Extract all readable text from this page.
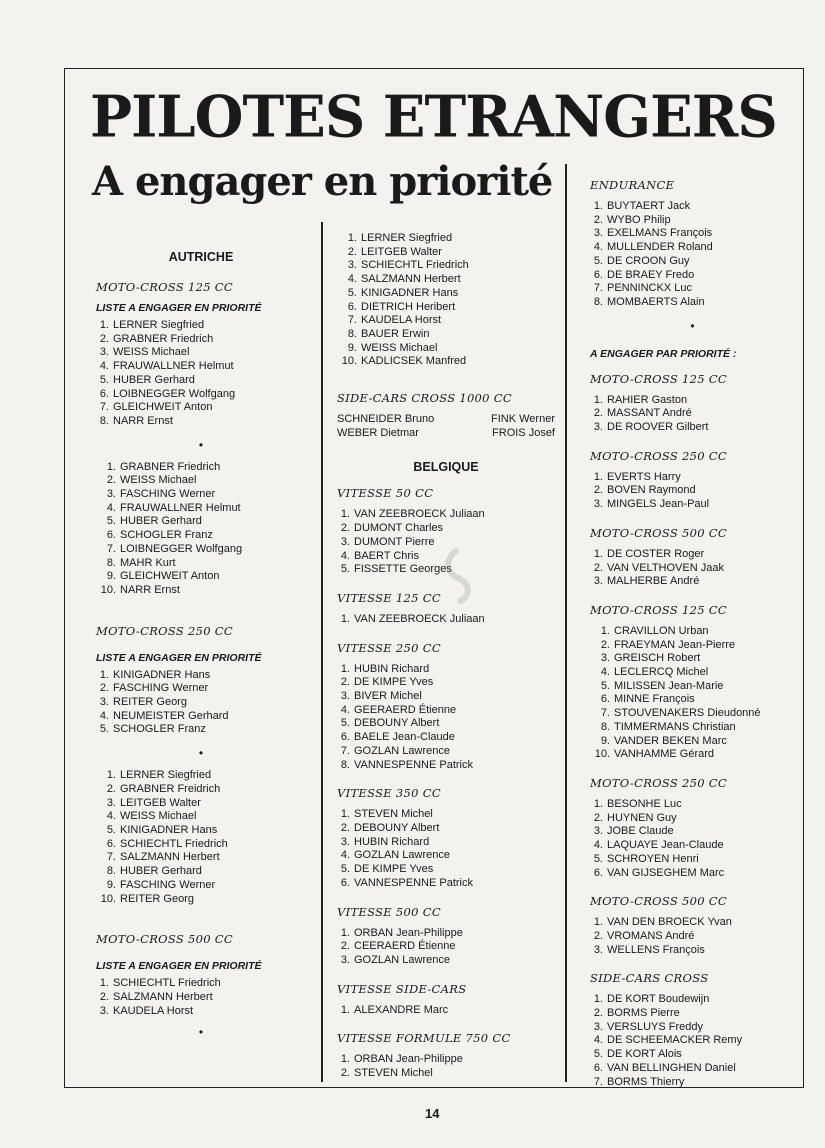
PILOTES ETRANGERS
A engager en priorité
AUTRICHE
MOTO-CROSS 125 CC
LISTE A ENGAGER EN PRIORITÉ
1. LERNER Siegfried
2. GRABNER Friedrich
3. WEISS Michael
4. FRAUWALLNER Helmut
5. HUBER Gerhard
6. LOIBNEGGER Wolfgang
7. GLEICHWEIT Anton
8. NARR Ernst
•
1. GRABNER Friedrich
2. WEISS Michael
3. FASCHING Werner
4. FRAUWALLNER Helmut
5. HUBER Gerhard
6. SCHOGLER Franz
7. LOIBNEGGER Wolfgang
8. MAHR Kurt
9. GLEICHWEIT Anton
10. NARR Ernst
MOTO-CROSS 250 CC
LISTE A ENGAGER EN PRIORITÉ
1. KINIGADNER Hans
2. FASCHING Werner
3. REITER Georg
4. NEUMEISTER Gerhard
5. SCHOGLER Franz
•
1. LERNER Siegfried
2. GRABNER Freidrich
3. LEITGEB Walter
4. WEISS Michael
5. KINIGADNER Hans
6. SCHIECHTL Friedrich
7. SALZMANN Herbert
8. HUBER Gerhard
9. FASCHING Werner
10. REITER Georg
MOTO-CROSS 500 CC
LISTE A ENGAGER EN PRIORITÉ
1. SCHIECHTL Friedrich
2. SALZMANN Herbert
3. KAUDELA Horst
•
1. LERNER Siegfried
2. LEITGEB Walter
3. SCHIECHTL Friedrich
4. SALZMANN Herbert
5. KINIGADNER Hans
6. DIETRICH Heribert
7. KAUDELA Horst
8. BAUER Erwin
9. WEISS Michael
10. KADLICSEK Manfred
SIDE-CARS CROSS 1000 CC
SCHNEIDER Bruno	FINK Werner
WEBER Dietmar	FROIS Josef
BELGIQUE
VITESSE 50 CC
1. VAN ZEEBROECK Juliaan
2. DUMONT Charles
3. DUMONT Pierre
4. BAERT Chris
5. FISSETTE Georges
VITESSE 125 CC
1. VAN ZEEBROECK Juliaan
VITESSE 250 CC
1. HUBIN Richard
2. DE KIMPE Yves
3. BIVER Michel
4. GEERAERD Étienne
5. DEBOUNY Albert
6. BAELE Jean-Claude
7. GOZLAN Lawrence
8. VANNESPENNE Patrick
VITESSE 350 CC
1. STEVEN Michel
2. DEBOUNY Albert
3. HUBIN Richard
4. GOZLAN Lawrence
5. DE KIMPE Yves
6. VANNESPENNE Patrick
VITESSE 500 CC
1. ORBAN Jean-Philippe
2. CEERAERD Étienne
3. GOZLAN Lawrence
VITESSE SIDE-CARS
1. ALEXANDRE Marc
VITESSE FORMULE 750 CC
1. ORBAN Jean-Philippe
2. STEVEN Michel
ENDURANCE
1. BUYTAERT Jack
2. WYBO Philip
3. EXELMANS François
4. MULLENDER Roland
5. DE CROON Guy
6. DE BRAEY Fredo
7. PENNINCKX Luc
8. MOMBAERTS Alain
•
A ENGAGER PAR PRIORITÉ :
MOTO-CROSS 125 CC
1. RAHIER Gaston
2. MASSANT André
3. DE ROOVER Gilbert
MOTO-CROSS 250 CC
1. EVERTS Harry
2. BOVEN Raymond
3. MINGELS Jean-Paul
MOTO-CROSS 500 CC
1. DE COSTER Roger
2. VAN VELTHOVEN Jaak
3. MALHERBE André
MOTO-CROSS 125 CC
1. CRAVILLON Urban
2. FRAEYMAN Jean-Pierre
3. GREISCH Robert
4. LECLERCQ Michel
5. MILISSEN Jean-Marie
6. MINNE François
7. STOUVENAKERS Dieudonné
8. TIMMERMANS Christian
9. VANDER BEKEN Marc
10. VANHAMME Gérard
MOTO-CROSS 250 CC
1. BESONHE Luc
2. HUYNEN Guy
3. JOBE Claude
4. LAQUAYE Jean-Claude
5. SCHROYEN Henri
6. VAN GIJSEGHEM Marc
MOTO-CROSS 500 CC
1. VAN DEN BROECK Yvan
2. VROMANS André
3. WELLENS François
SIDE-CARS CROSS
1. DE KORT Boudewijn
2. BORMS Pierre
3. VERSLUYS Freddy
4. DE SCHEEMACKER Remy
5. DE KORT Alois
6. VAN BELLINGHEN Daniel
7. BORMS Thierry
14
